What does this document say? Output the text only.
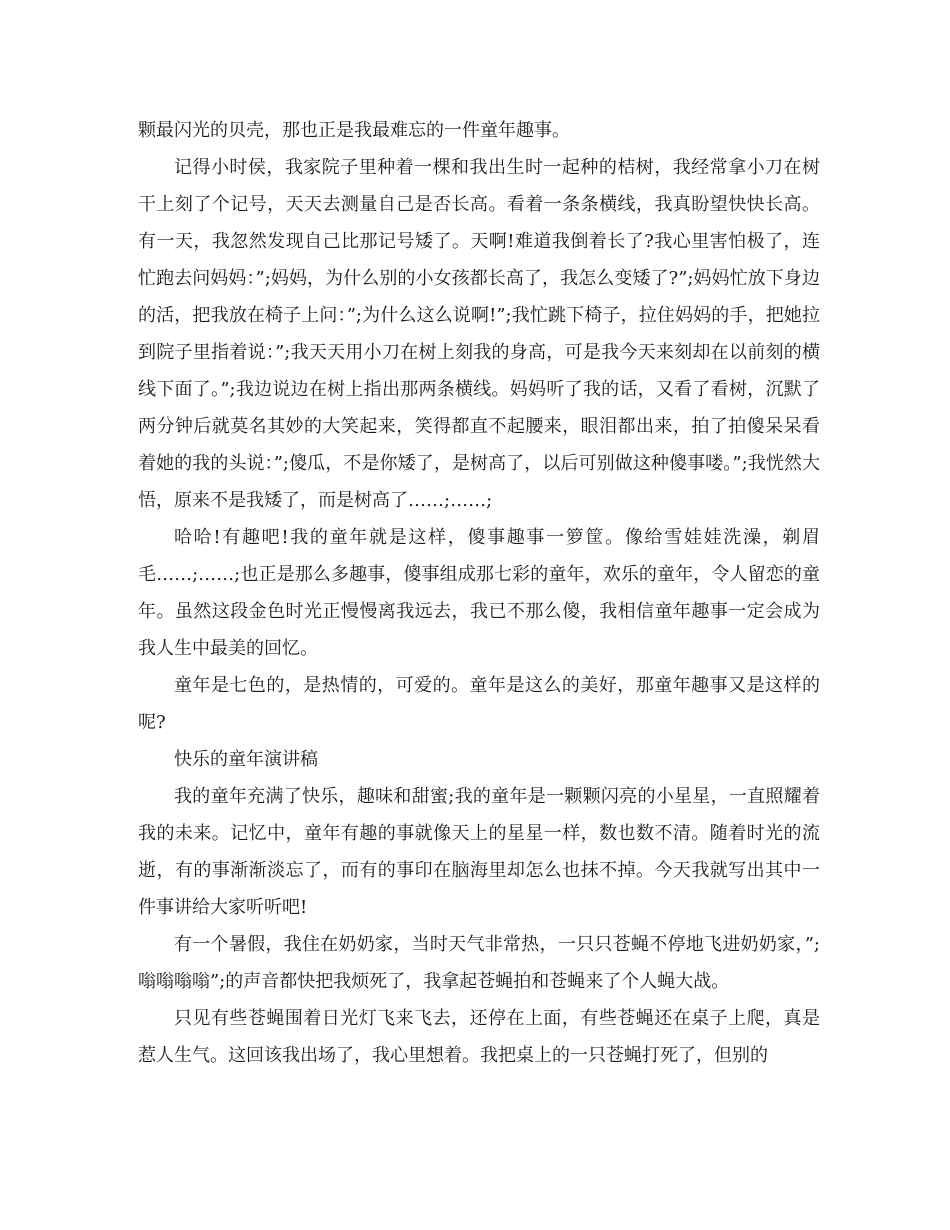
颗最闪光的贝壳，那也正是我最难忘的一件童年趣事。

记得小时侯，我家院子里种着一棵和我出生时一起种的桔树，我经常拿小刀在树干上刻了个记号，天天去测量自己是否长高。看着一条条横线，我真盼望快快长高。有一天，我忽然发现自己比那记号矮了。天啊!难道我倒着长了?我心里害怕极了，连忙跑去问妈妈：”;妈妈，为什么别的小女孩都长高了，我怎么变矮了?”;妈妈忙放下身边的活，把我放在椅子上问：”;为什么这么说啊!”;我忙跳下椅子，拉住妈妈的手，把她拉到院子里指着说：”;我天天用小刀在树上刻我的身高，可是我今天来刻却在以前刻的横线下面了。”;我边说边在树上指出那两条横线。妈妈听了我的话，又看了看树，沉默了两分钟后就莫名其妙的大笑起来，笑得都直不起腰来，眼泪都出来，拍了拍傻呆呆看着她的我的头说：”;傻瓜，不是你矮了，是树高了，以后可别做这种傻事喽。”;我恍然大悟，原来不是我矮了，而是树高了……;……;

哈哈!有趣吧!我的童年就是这样，傻事趣事一箩筐。像给雪娃娃洗澡，剃眉毛……;……;也正是那么多趣事，傻事组成那七彩的童年，欢乐的童年，令人留恋的童年。虽然这段金色时光正慢慢离我远去，我已不那么傻，我相信童年趣事一定会成为我人生中最美的回忆。

童年是七色的，是热情的，可爱的。童年是这么的美好，那童年趣事又是这样的呢?

快乐的童年演讲稿

我的童年充满了快乐，趣味和甜蜜;我的童年是一颗颗闪亮的小星星，一直照耀着我的未来。记忆中，童年有趣的事就像天上的星星一样，数也数不清。随着时光的流逝，有的事渐渐淡忘了，而有的事印在脑海里却怎么也抹不掉。今天我就写出其中一件事讲给大家听听吧!

有一个暑假，我住在奶奶家，当时天气非常热，一只只苍蝇不停地飞进奶奶家，”;嗡嗡嗡嗡”;的声音都快把我烦死了，我拿起苍蝇拍和苍蝇来了个人蝇大战。

只见有些苍蝇围着日光灯飞来飞去，还停在上面，有些苍蝇还在桌子上爬，真是惹人生气。这回该我出场了，我心里想着。我把桌上的一只苍蝇打死了，但别的
